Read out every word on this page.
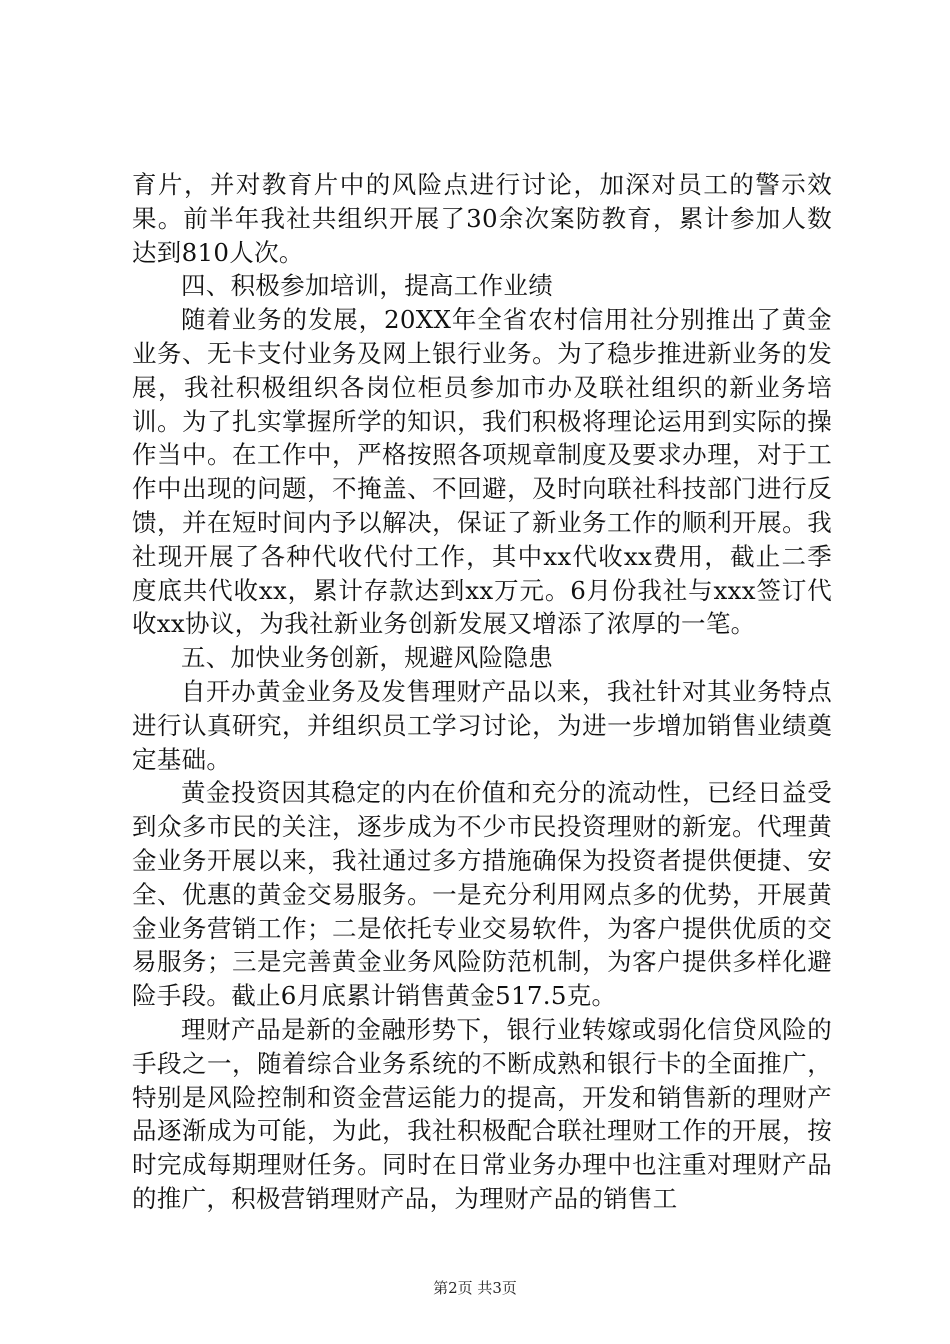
育片，并对教育片中的风险点进行讨论，加深对员工的警示效果。前半年我社共组织开展了30余次案防教育，累计参加人数达到810人次。

四、积极参加培训，提高工作业绩

随着业务的发展，20XX年全省农村信用社分别推出了黄金业务、无卡支付业务及网上银行业务。为了稳步推进新业务的发展，我社积极组织各岗位柜员参加市办及联社组织的新业务培训。为了扎实掌握所学的知识，我们积极将理论运用到实际的操作当中。在工作中，严格按照各项规章制度及要求办理，对于工作中出现的问题，不掩盖、不回避，及时向联社科技部门进行反馈，并在短时间内予以解决，保证了新业务工作的顺利开展。我社现开展了各种代收代付工作，其中xx代收xx费用，截止二季度底共代收xx，累计存款达到xx万元。6月份我社与xxx签订代收xx协议，为我社新业务创新发展又增添了浓厚的一笔。

五、加快业务创新，规避风险隐患

自开办黄金业务及发售理财产品以来，我社针对其业务特点进行认真研究，并组织员工学习讨论，为进一步增加销售业绩奠定基础。

黄金投资因其稳定的内在价值和充分的流动性，已经日益受到众多市民的关注，逐步成为不少市民投资理财的新宠。代理黄金业务开展以来，我社通过多方措施确保为投资者提供便捷、安全、优惠的黄金交易服务。一是充分利用网点多的优势，开展黄金业务营销工作；二是依托专业交易软件，为客户提供优质的交易服务；三是完善黄金业务风险防范机制，为客户提供多样化避险手段。截止6月底累计销售黄金517.5克。

理财产品是新的金融形势下，银行业转嫁或弱化信贷风险的手段之一，随着综合业务系统的不断成熟和银行卡的全面推广，特别是风险控制和资金营运能力的提高，开发和销售新的理财产品逐渐成为可能，为此，我社积极配合联社理财工作的开展，按时完成每期理财任务。同时在日常业务办理中也注重对理财产品的推广，积极营销理财产品，为理财产品的销售工

第2页 共3页
